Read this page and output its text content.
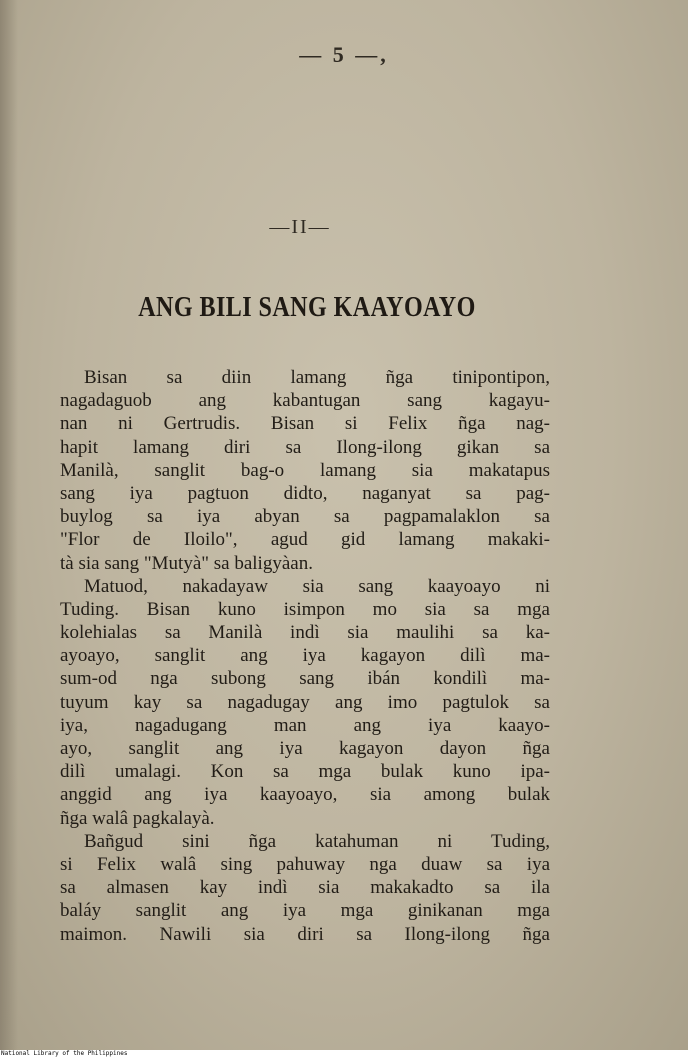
— 5 —,
—II—
ANG BILI SANG KAAYOAYO
Bisan sa diin lamang ñga tinipontipon,
nagadaguob ang kabantugan sang kagayu-
nan ni Gertrudis. Bisan si Felix ñga nag-
hapit lamang diri sa Ilong-ilong gikan sa
Manilà, sanglit bag-o lamang sia makatapus
sang iya pagtuon didto, naganyat sa pag-
buylog sa iya abyan sa pagpamalaklon sa
"Flor de Iloilo", agud gid lamang makaki-
tà sia sang "Mutyà" sa baligyàan.
Matuod, nakadayaw sia sang kaayoayo ni
Tuding. Bisan kuno isimpon mo sia sa mga
kolehialas sa Manilà indì sia maulihi sa ka-
ayoayo, sanglit ang iya kagayon dilì ma-
sum-od nga subong sang ibán kondilì ma-
tuyum kay sa nagadugay ang imo pagtulok sa
iya, nagadugang man ang iya kaayo-
ayo, sanglit ang iya kagayon dayon ñga
dilì umalagi. Kon sa mga bulak kuno ipa-
anggid ang iya kaayoayo, sia among bulak
ñga walâ pagkalayà.
Bañgud sini ñga katahuman ni Tuding,
si Felix walâ sing pahuway nga duaw sa iya
sa almasen kay indì sia makakadto sa ila
baláy sanglit ang iya mga ginikanan mga
maimon. Nawili sia diri sa Ilong-ilong ñga
National Library of the Philippines
